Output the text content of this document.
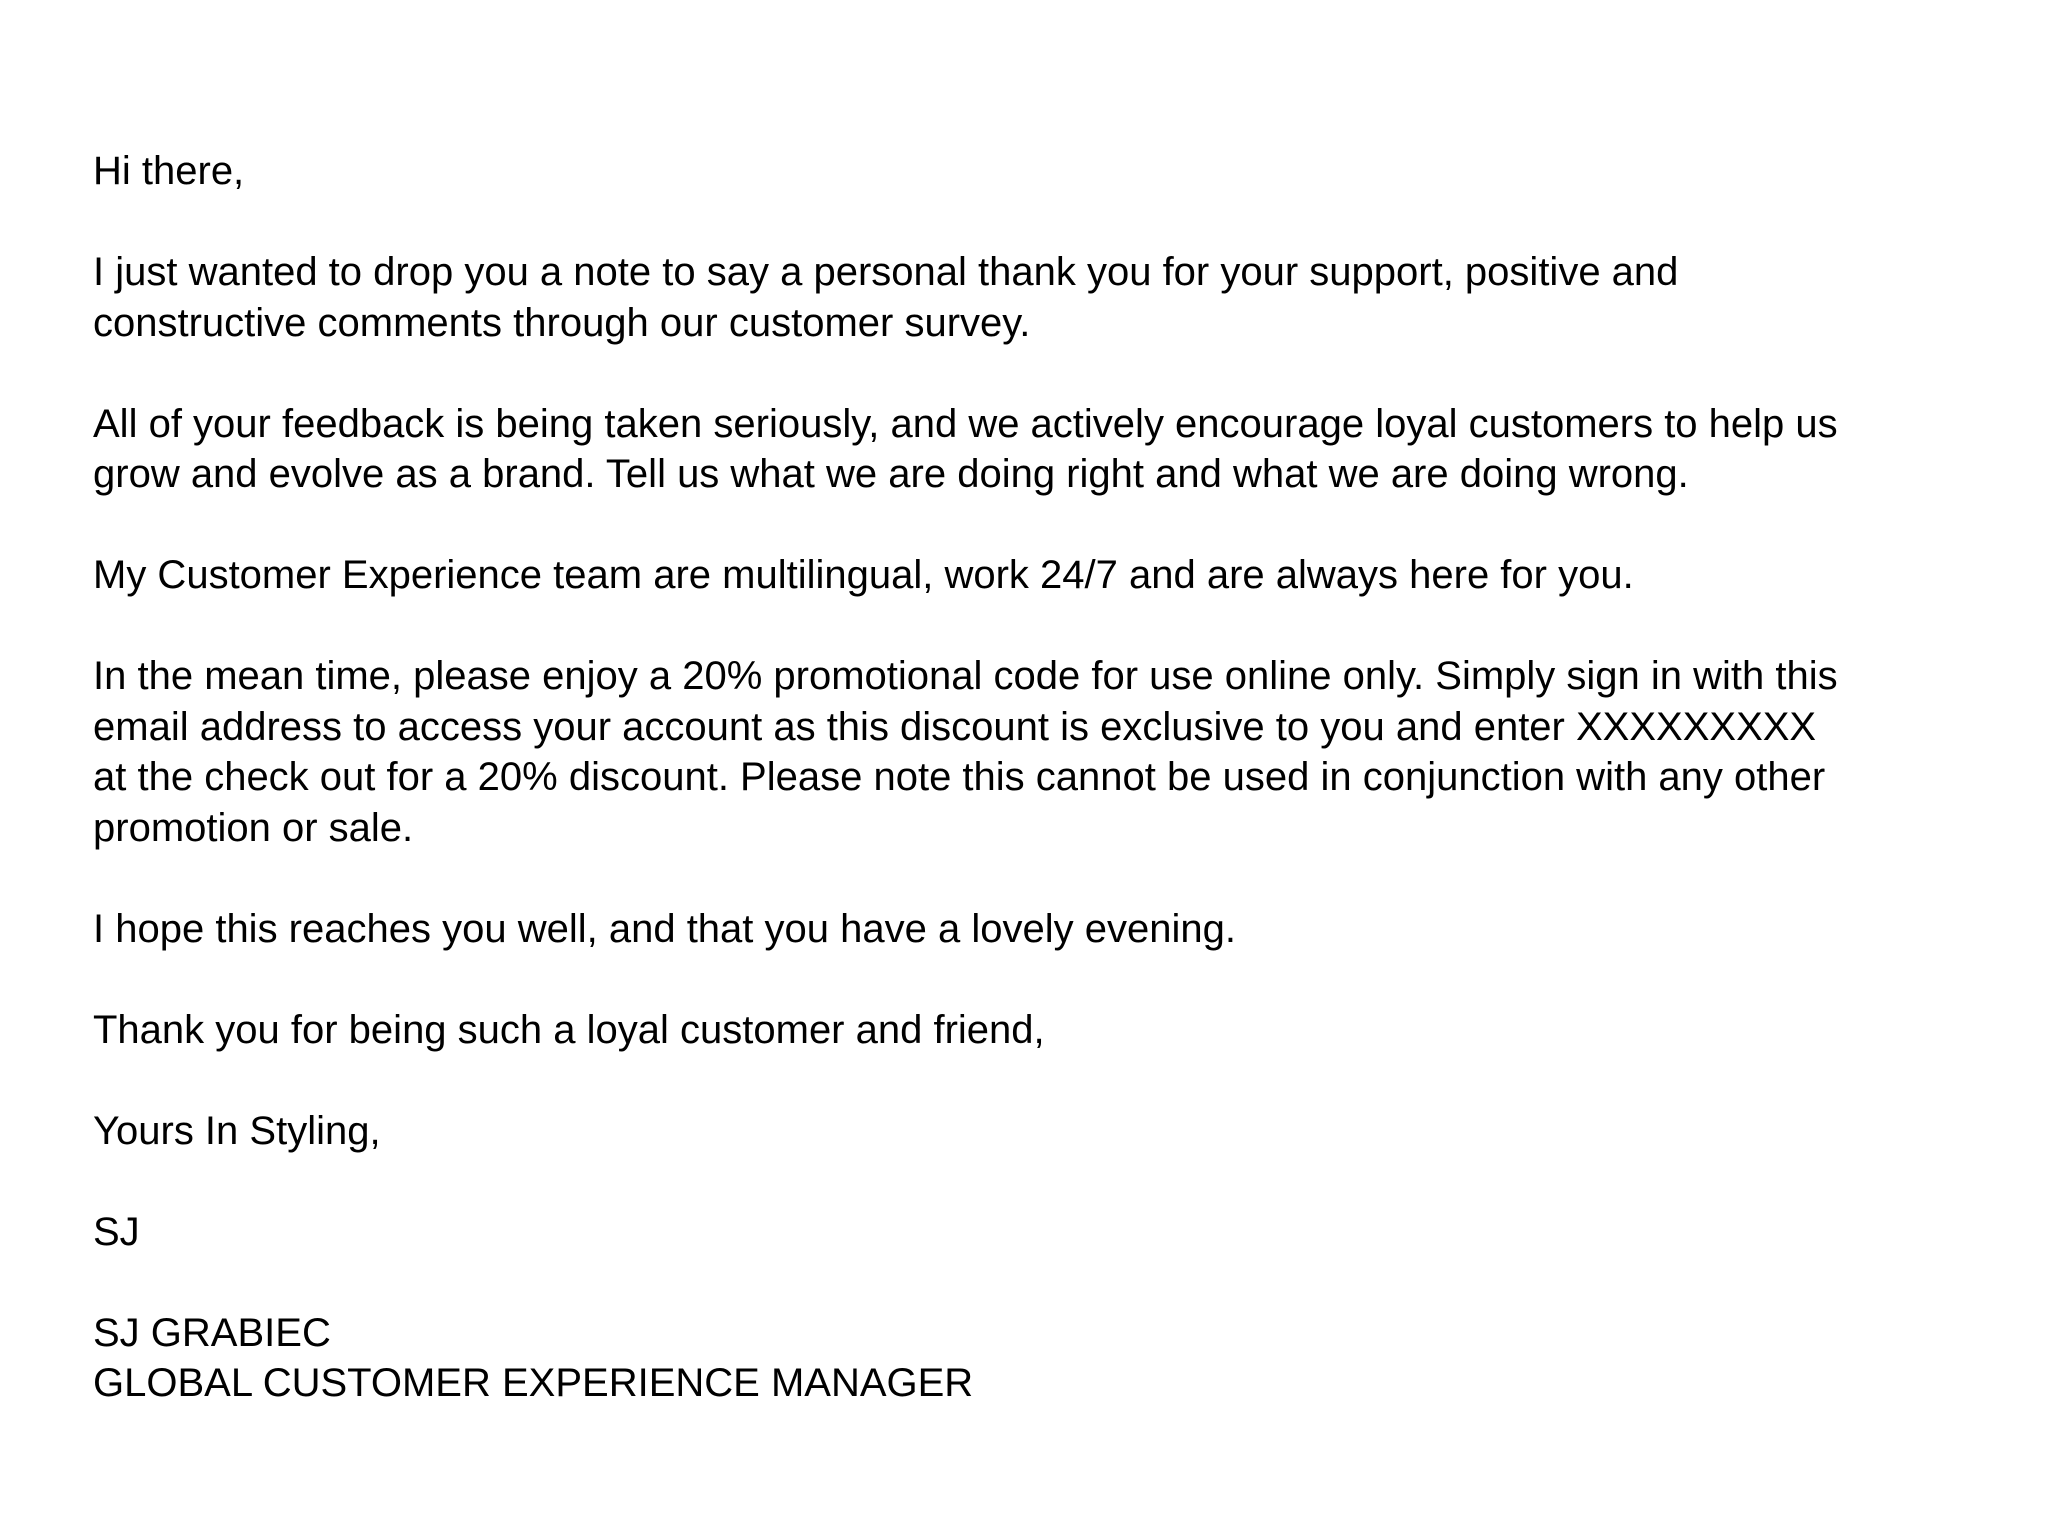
Hi there,

I just wanted to drop you a note to say a personal thank you for your support, positive and
constructive comments through our customer survey.

All of your feedback is being taken seriously, and we actively encourage loyal customers to help us
grow and evolve as a brand. Tell us what we are doing right and what we are doing wrong.

My Customer Experience team are multilingual, work 24/7 and are always here for you.

In the mean time, please enjoy a 20% promotional code for use online only. Simply sign in with this
email address to access your account as this discount is exclusive to you and enter XXXXXXXXX
at the check out for a 20% discount. Please note this cannot be used in conjunction with any other
promotion or sale.

I hope this reaches you well, and that you have a lovely evening.

Thank you for being such a loyal customer and friend,

Yours In Styling,

SJ

SJ GRABIEC
GLOBAL CUSTOMER EXPERIENCE MANAGER
